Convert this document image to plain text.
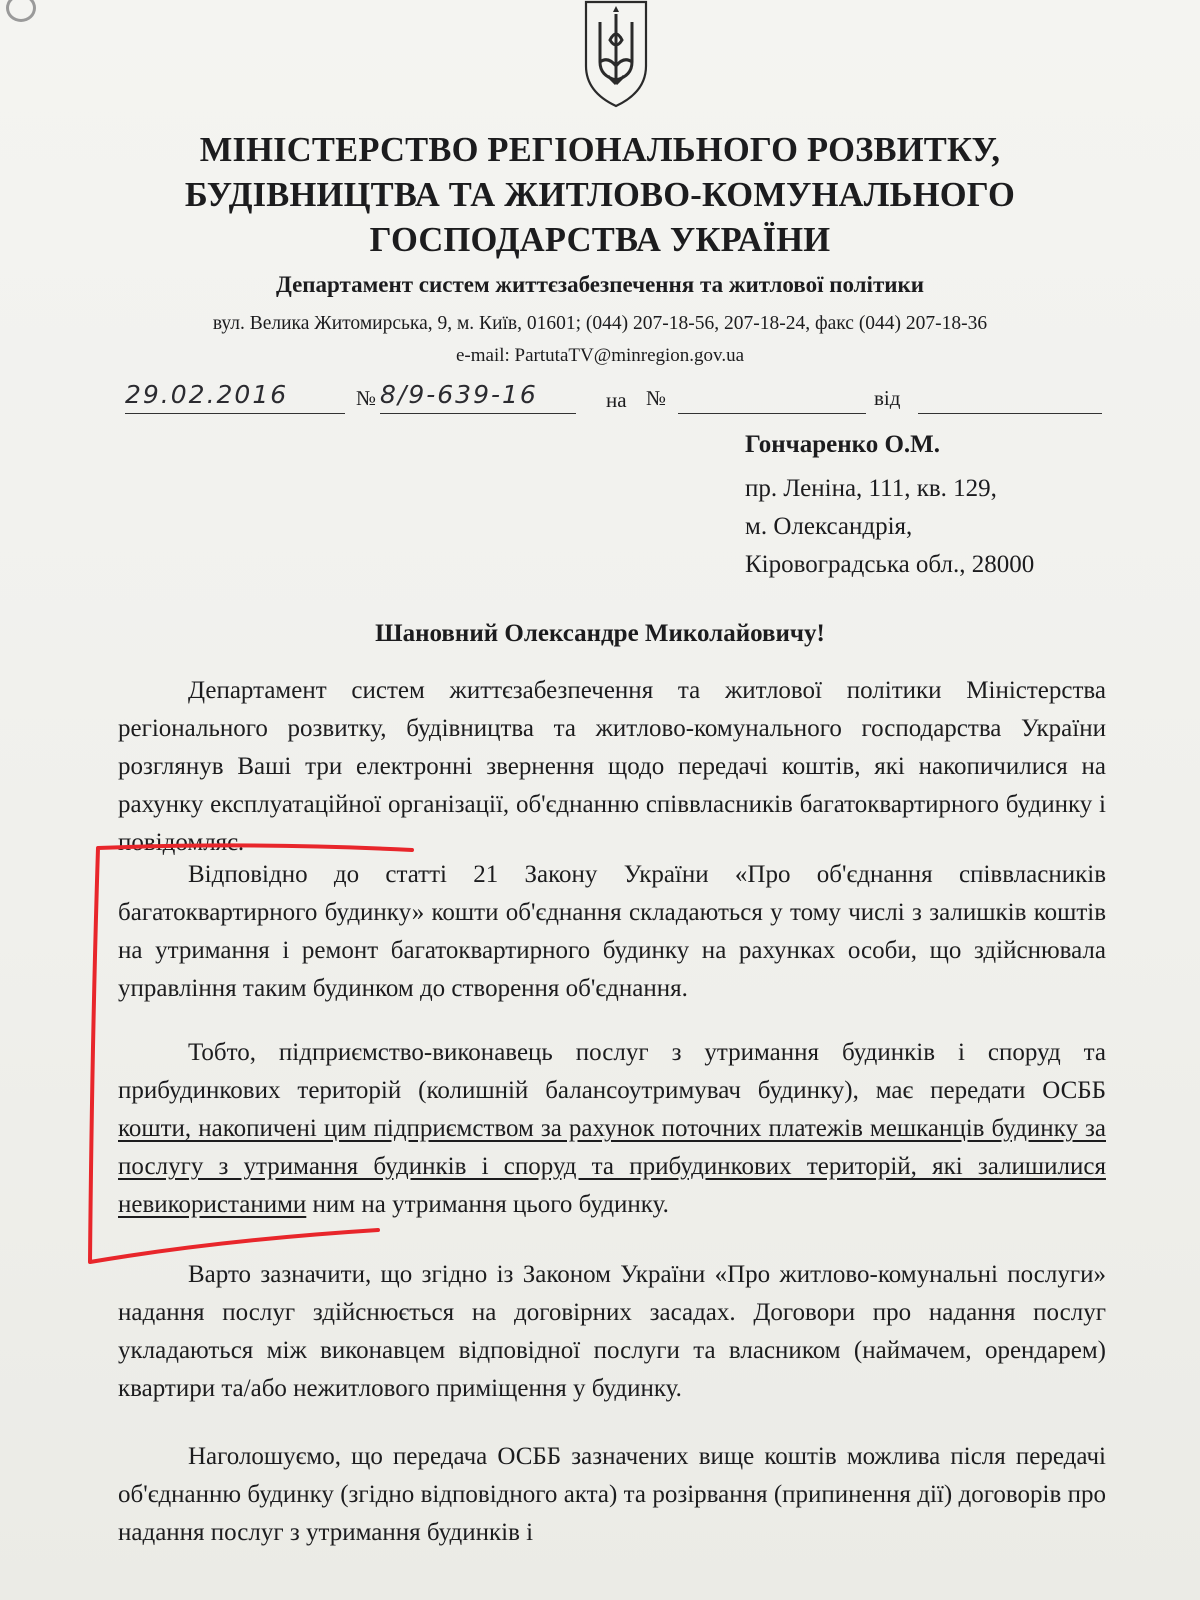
МІНІСТЕРСТВО РЕГІОНАЛЬНОГО РОЗВИТКУ,
БУДІВНИЦТВА ТА ЖИТЛОВО-КОМУНАЛЬНОГО
ГОСПОДАРСТВА УКРАЇНИ
Департамент систем життєзабезпечення та житлової політики
вул. Велика Житомирська, 9, м. Київ, 01601; (044) 207-18-56, 207-18-24, факс (044) 207-18-36
e-mail: PartutaTV@minregion.gov.ua
29.02.2016	№ 8/9-639-16	на №	від
Гончаренко О.М.
пр. Леніна, 111, кв. 129,
м. Олександрія,
Кіровоградська обл., 28000
Шановний Олександре Миколайовичу!

Департамент систем життєзабезпечення та житлової політики Міністерства регіонального розвитку, будівництва та житлово-комунального господарства України розглянув Ваші три електронні звернення щодо передачі коштів, які накопичилися на рахунку експлуатаційної організації, об'єднанню співвласників багатоквартирного будинку і повідомляє.

Відповідно до статті 21 Закону України «Про об'єднання співвласників багатоквартирного будинку» кошти об'єднання складаються у тому числі з залишків коштів на утримання і ремонт багатоквартирного будинку на рахунках особи, що здійснювала управління таким будинком до створення об'єднання.

Тобто, підприємство-виконавець послуг з утримання будинків і споруд та прибудинкових територій (колишній балансоутримувач будинку), має передати ОСББ кошти, накопичені цим підприємством за рахунок поточних платежів мешканців будинку за послугу з утримання будинків і споруд та прибудинкових територій, які залишилися невикористаними ним на утримання цього будинку.

Варто зазначити, що згідно із Законом України «Про житлово-комунальні послуги» надання послуг здійснюється на договірних засадах. Договори про надання послуг укладаються між виконавцем відповідної послуги та власником (наймачем, орендарем) квартири та/або нежитлового приміщення у будинку.

Наголошуємо, що передача ОСББ зазначених вище коштів можлива після передачі об'єднанню будинку (згідно відповідного акта) та розірвання (припинення дії) договорів про надання послуг з утримання будинків і
